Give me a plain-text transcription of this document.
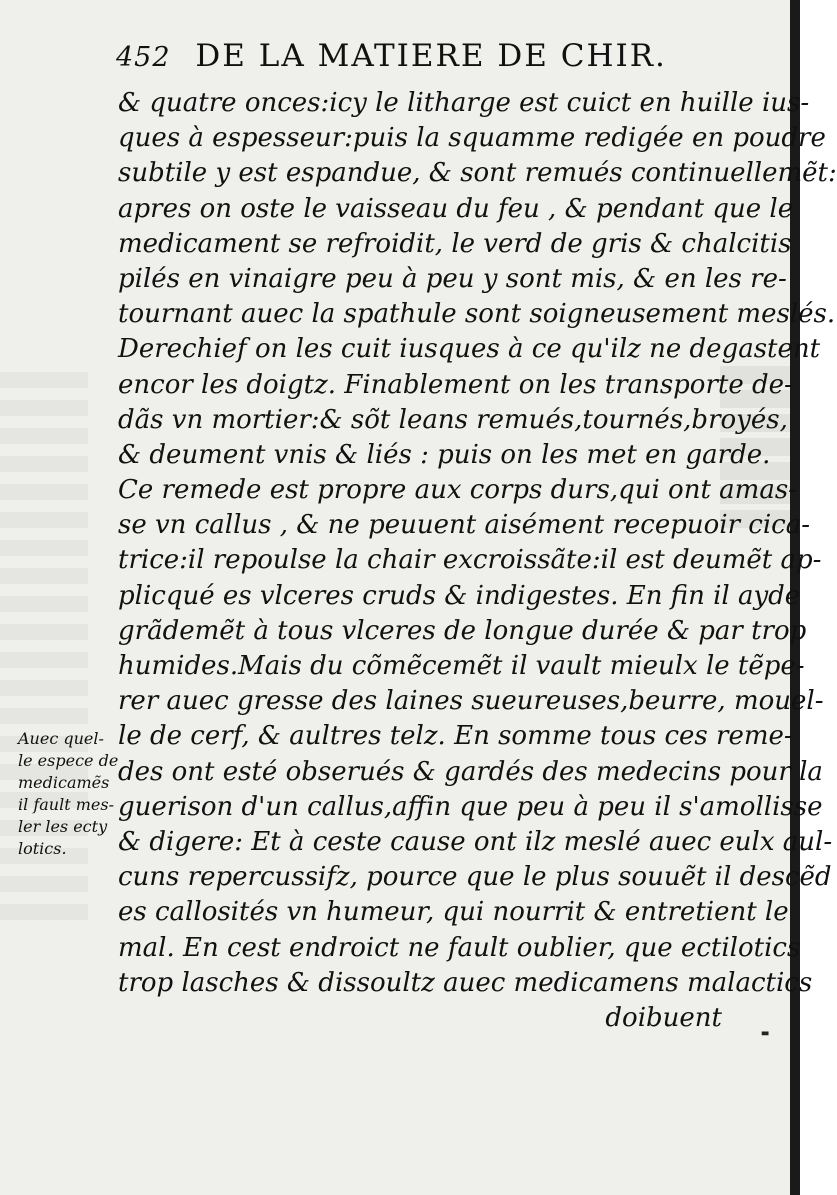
452 DE LA MATIERE DE CHIR.
& quatre onces:icy le litharge est cuict en huille ius-
ques à espesseur:puis la squamme redigée en poudre
subtile y est espandue, & sont remués continuellemẽt:
apres on oste le vaisseau du feu , & pendant que le
medicament se refroidit, le verd de gris & chalcitis
pilés en vinaigre peu à peu y sont mis, & en les re-
tournant auec la spathule sont soigneusement meslés.
Derechief on les cuit iusques à ce qu'ilz ne degastent
encor les doigtz. Finablement on les transporte de-
dãs vn mortier:& sõt leans remués,tournés,broyés,
& deument vnis & liés : puis on les met en garde.
Ce remede est propre aux corps durs,qui ont amas-
se vn callus , & ne peuuent aisément recepuoir cica-
trice:il repoulse la chair excroissãte:il est deumẽt ap-
plicqué es vlceres cruds & indigestes. En fin il ayde
grãdemẽt à tous vlceres de longue durée & par trop
humides.Mais du cõmẽcemẽt il vault mieulx le tẽpe-
rer auec gresse des laines sueureuses,beurre, mouel-
le de cerf, & aultres telz. En somme tous ces reme-
des ont esté obserués & gardés des medecins pour la
guerison d'un callus,affin que peu à peu il s'amollisse
& digere: Et à ceste cause ont ilz meslé auec eulx aul-
cuns repercussifz, pource que le plus souuẽt il descẽd
es callosités vn humeur, qui nourrit & entretient le
mal. En cest endroict ne fault oublier, que ectilotics
trop lasches & dissoultz auec medicamens malactics
doibuent
Auec quel-
le espece de
medicamẽs
il fault mes-
ler les ecty
lotics.
╸
